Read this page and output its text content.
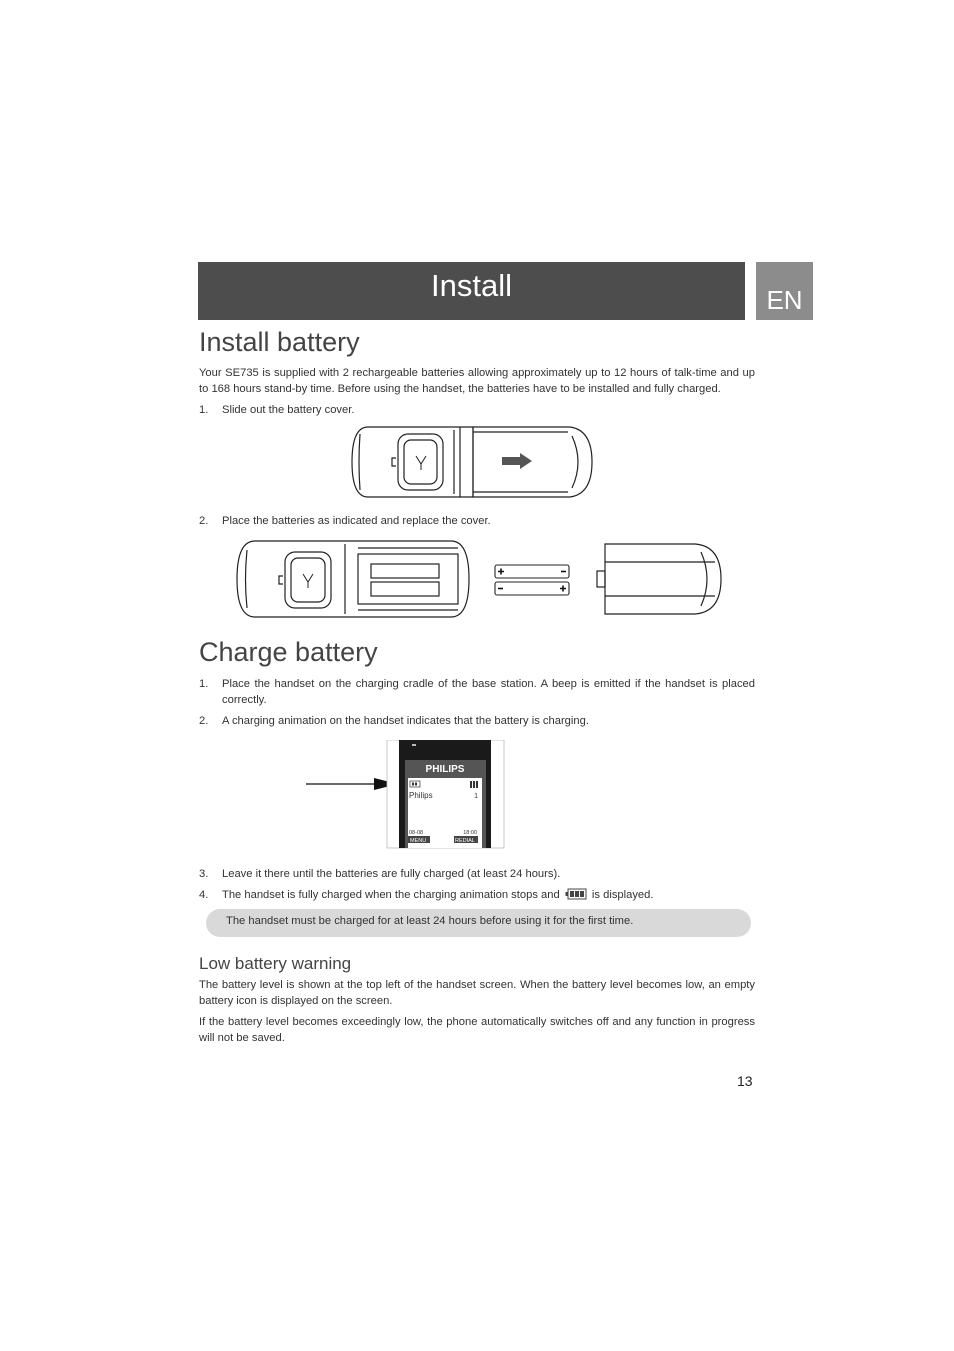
Install	EN
Install battery
Your SE735 is supplied with 2 rechargeable batteries allowing approximately up to 12 hours of talk-time and up to 168 hours stand-by time. Before using the handset, the batteries have to be installed and fully charged.
1.	Slide out the battery cover.
2.	Place the batteries as indicated and replace the cover.
Charge battery
1.	Place the handset on the charging cradle of the base station. A beep is emitted if the handset is placed correctly.
2.	A charging animation on the handset indicates that the battery is charging.
PHILIPS
Philips	1
08-08	18:00
MENU	REDIAL
3.	Leave it there until the batteries are fully charged (at least 24 hours).
4.	The handset is fully charged when the charging animation stops and	is displayed.
The handset must be charged for at least 24 hours before using it for the first time.
Low battery warning
The battery level is shown at the top left of the handset screen. When the battery level becomes low, an empty battery icon is displayed on the screen.
If the battery level becomes exceedingly low, the phone automatically switches off and any function in progress will not be saved.
13
